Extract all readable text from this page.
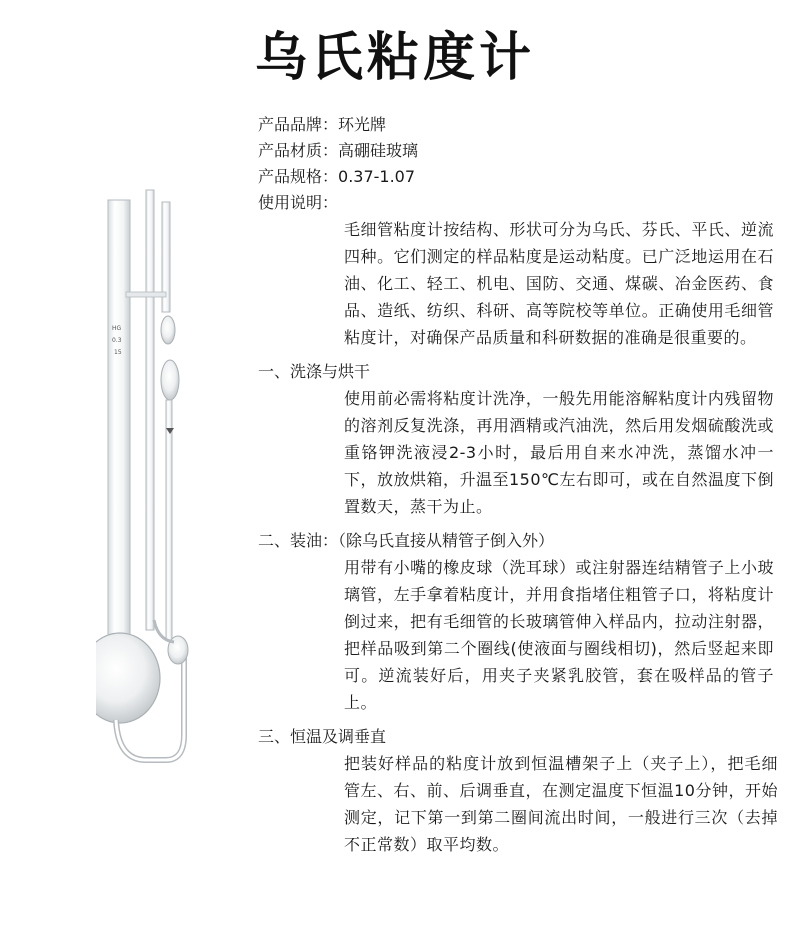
乌氏粘度计
HG
0.3
15
产品品牌：环光牌
产品材质：高硼硅玻璃
产品规格：0.37-1.07
使用说明：
毛细管粘度计按结构、形状可分为乌氏、芬氏、平氏、逆流四种。它们测定的样品粘度是运动粘度。已广泛地运用在石油、化工、轻工、机电、国防、交通、煤碳、冶金医药、食品、造纸、纺织、科研、高等院校等单位。正确使用毛细管粘度计，对确保产品质量和科研数据的准确是很重要的。
一、洗涤与烘干
使用前必需将粘度计洗净，一般先用能溶解粘度计内残留物的溶剂反复洗涤，再用酒精或汽油洗，然后用发烟硫酸洗或重铬钾洗液浸2-3小时，最后用自来水冲洗，蒸馏水冲一下，放放烘箱，升温至150℃左右即可，或在自然温度下倒置数天，蒸干为止。
二、装油：（除乌氏直接从精管子倒入外）
用带有小嘴的橡皮球（洗耳球）或注射器连结精管子上小玻璃管，左手拿着粘度计，并用食指堵住粗管子口，将粘度计倒过来，把有毛细管的长玻璃管伸入样品内，拉动注射器，把样品吸到第二个圈线(使液面与圈线相切)，然后竖起来即可。逆流装好后，用夹子夹紧乳胶管，套在吸样品的管子上。
三、恒温及调垂直
把装好样品的粘度计放到恒温槽架子上（夹子上），把毛细管左、右、前、后调垂直，在测定温度下恒温10分钟，开始测定，记下第一到第二圈间流出时间，一般进行三次（去掉不正常数）取平均数。
